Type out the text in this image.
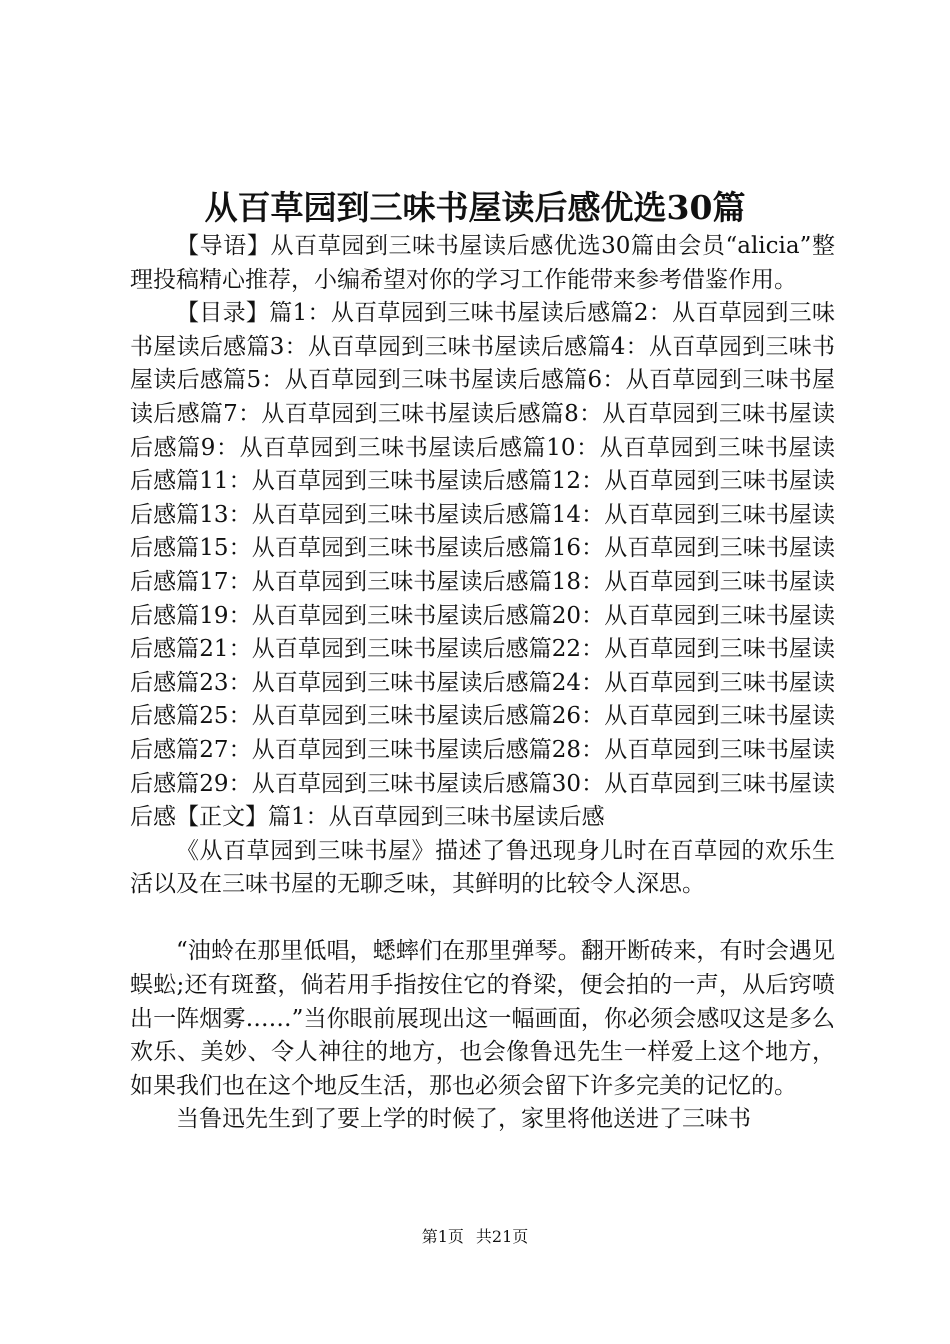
从百草园到三味书屋读后感优选30篇

【导语】从百草园到三味书屋读后感优选30篇由会员“alicia”整理投稿精心推荐，小编希望对你的学习工作能带来参考借鉴作用。

【目录】篇1：从百草园到三味书屋读后感篇2：从百草园到三味书屋读后感篇3：从百草园到三味书屋读后感篇4：从百草园到三味书屋读后感篇5：从百草园到三味书屋读后感篇6：从百草园到三味书屋读后感篇7：从百草园到三味书屋读后感篇8：从百草园到三味书屋读后感篇9：从百草园到三味书屋读后感篇10：从百草园到三味书屋读后感篇11：从百草园到三味书屋读后感篇12：从百草园到三味书屋读后感篇13：从百草园到三味书屋读后感篇14：从百草园到三味书屋读后感篇15：从百草园到三味书屋读后感篇16：从百草园到三味书屋读后感篇17：从百草园到三味书屋读后感篇18：从百草园到三味书屋读后感篇19：从百草园到三味书屋读后感篇20：从百草园到三味书屋读后感篇21：从百草园到三味书屋读后感篇22：从百草园到三味书屋读后感篇23：从百草园到三味书屋读后感篇24：从百草园到三味书屋读后感篇25：从百草园到三味书屋读后感篇26：从百草园到三味书屋读后感篇27：从百草园到三味书屋读后感篇28：从百草园到三味书屋读后感篇29：从百草园到三味书屋读后感篇30：从百草园到三味书屋读后感【正文】篇1：从百草园到三味书屋读后感

《从百草园到三味书屋》描述了鲁迅现身儿时在百草园的欢乐生活以及在三味书屋的无聊乏味，其鲜明的比较令人深思。

“油蛉在那里低唱，蟋蟀们在那里弹琴。翻开断砖来，有时会遇见蜈蚣;还有斑蝥，倘若用手指按住它的脊梁，便会拍的一声，从后窍喷出一阵烟雾……”当你眼前展现出这一幅画面，你必须会感叹这是多么欢乐、美妙、令人神往的地方，也会像鲁迅先生一样爱上这个地方，如果我们也在这个地反生活，那也必须会留下许多完美的记忆的。

当鲁迅先生到了要上学的时候了，家里将他送进了三味书

第1页 共21页
